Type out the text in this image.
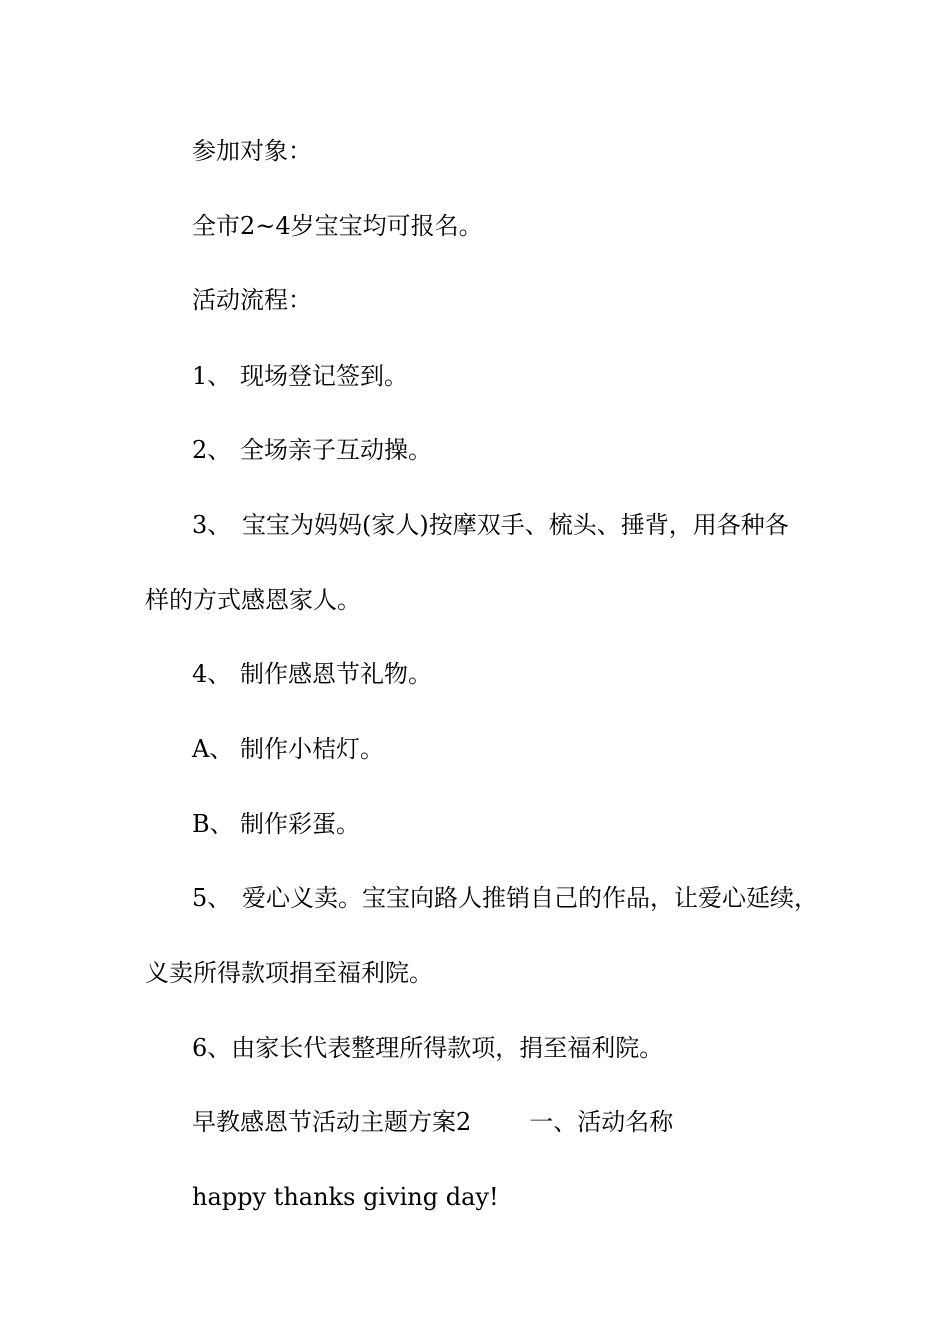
参加对象：
全市2~4岁宝宝均可报名。
活动流程：
1、 现场登记签到。
2、 全场亲子互动操。
3、 宝宝为妈妈(家人)按摩双手、梳头、捶背，用各种各
样的方式感恩家人。
4、 制作感恩节礼物。
A、 制作小桔灯。
B、 制作彩蛋。
5、 爱心义卖。宝宝向路人推销自己的作品，让爱心延续，
义卖所得款项捐至福利院。
6、由家长代表整理所得款项，捐至福利院。
早教感恩节活动主题方案2 一、活动名称
happy thanks giving day!
